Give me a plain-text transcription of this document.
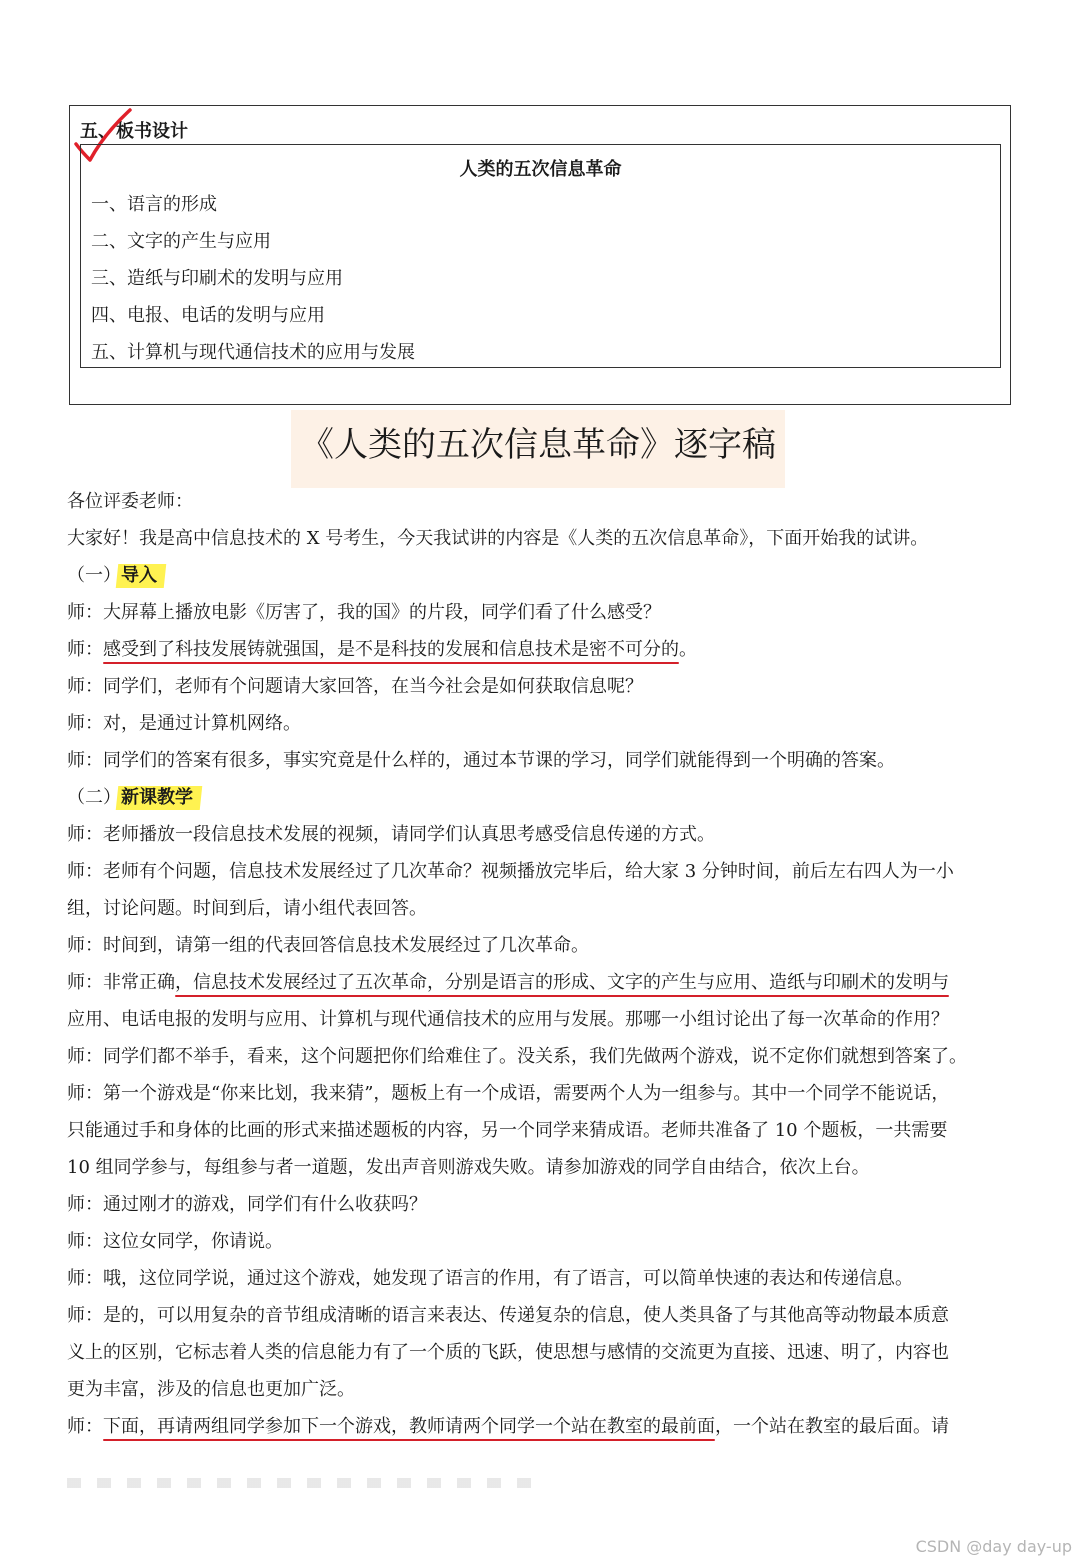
五、板书设计

人类的五次信息革命

一、语言的形成
二、文字的产生与应用
三、造纸与印刷术的发明与应用
四、电报、电话的发明与应用
五、计算机与现代通信技术的应用与发展

《人类的五次信息革命》逐字稿

各位评委老师：

大家好！我是高中信息技术的 X 号考生，今天我试讲的内容是《人类的五次信息革命》，下面开始我的试讲。

（一）导入

师：大屏幕上播放电影《厉害了，我的国》的片段，同学们看了什么感受？

师：感受到了科技发展铸就强国，是不是科技的发展和信息技术是密不可分的。

师：同学们，老师有个问题请大家回答，在当今社会是如何获取信息呢？

师：对，是通过计算机网络。

师：同学们的答案有很多，事实究竟是什么样的，通过本节课的学习，同学们就能得到一个明确的答案。

（二）新课教学

师：老师播放一段信息技术发展的视频，请同学们认真思考感受信息传递的方式。

师：老师有个问题，信息技术发展经过了几次革命？视频播放完毕后，给大家 3 分钟时间，前后左右四人为一小

组，讨论问题。时间到后，请小组代表回答。

师：时间到，请第一组的代表回答信息技术发展经过了几次革命。

师：非常正确，信息技术发展经过了五次革命，分别是语言的形成、文字的产生与应用、造纸与印刷术的发明与

应用、电话电报的发明与应用、计算机与现代通信技术的应用与发展。那哪一小组讨论出了每一次革命的作用？

师：同学们都不举手，看来，这个问题把你们给难住了。没关系，我们先做两个游戏，说不定你们就想到答案了。

师：第一个游戏是“你来比划，我来猜”，题板上有一个成语，需要两个人为一组参与。其中一个同学不能说话，

只能通过手和身体的比画的形式来描述题板的内容，另一个同学来猜成语。老师共准备了 10 个题板，一共需要

10 组同学参与，每组参与者一道题，发出声音则游戏失败。请参加游戏的同学自由结合，依次上台。

师：通过刚才的游戏，同学们有什么收获吗？

师：这位女同学，你请说。

师：哦，这位同学说，通过这个游戏，她发现了语言的作用，有了语言，可以简单快速的表达和传递信息。

师：是的，可以用复杂的音节组成清晰的语言来表达、传递复杂的信息，使人类具备了与其他高等动物最本质意

义上的区别，它标志着人类的信息能力有了一个质的飞跃，使思想与感情的交流更为直接、迅速、明了，内容也

更为丰富，涉及的信息也更加广泛。

师：下面，再请两组同学参加下一个游戏，教师请两个同学一个站在教室的最前面，一个站在教室的最后面。请

CSDN @day day-up
